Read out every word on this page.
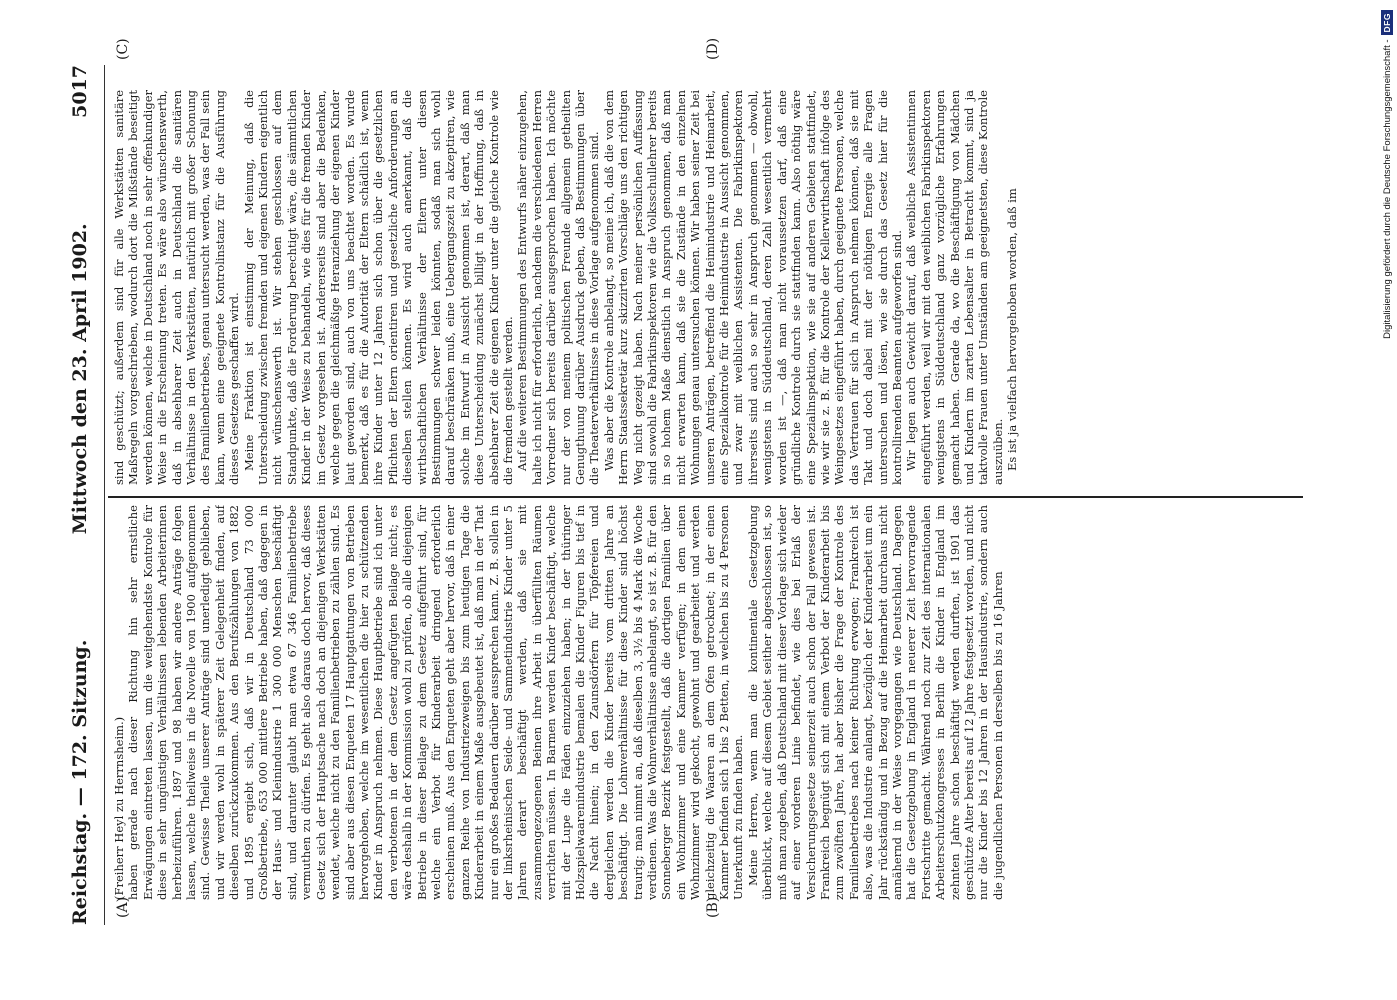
Reichstag. — 172. Sitzung.
Mittwoch den 23. April 1902.
5017
(A)	(B)
(C)	(D)

(Freiherr Heyl zu Herrnsheim.) haben gerade nach dieser Richtung hin sehr ernstliche Erwägungen eintreten lassen, um die weitgehendste Kontrole für diese in sehr ungünstigen Verhältnissen lebenden Arbeiterinnen herbeizuführen. 1897 und 98 haben wir andere Anträge folgen lassen, welche theilweise in die Novelle von 1900 aufgenommen sind. Gewisse Theile unserer Anträge sind unerledigt geblieben, und wir werden wohl in späterer Zeit Gelegenheit finden, auf dieselben zurückzukommen. Aus den Berufszählungen von 1882 und 1895 ergiebt sich, daß wir in Deutschland 73 000 Großbetriebe, 653 000 mittlere Betriebe haben, daß dagegen in der Haus- und Kleinindustrie 1 300 000 Menschen beschäftigt sind, und darunter glaubt man etwa 67 346 Familienbetriebe vermuthen zu dürfen. Es geht also daraus doch hervor, daß dieses Gesetz sich der Hauptsache nach doch an diejenigen Werkstätten wendet, welche nicht zu den Familienbetrieben zu zählen sind. Es sind aber aus diesen Enqueten 17 Hauptgattungen von Betrieben hervorgehoben, welche im wesentlichen die hier zu schützenden Kinder in Anspruch nehmen. Diese Hauptbetriebe sind ich unter den verbotenen in der dem Gesetz angefügten Beilage nicht; es wäre deshalb in der Kommission wohl zu prüfen, ob alle diejenigen Betriebe in dieser Beilage zu dem Gesetz aufgeführt sind, für welche ein Verbot für Kinderarbeit dringend erforderlich erscheinen muß. Aus den Enqueten geht aber hervor, daß in einer ganzen Reihe von Industriezweigen bis zum heutigen Tage die Kinderarbeit in einem Maße ausgebeutet ist, daß man in der That nur ein großes Bedauern darüber aussprechen kann. Z. B. sollen in der linksrheinischen Seide- und Sammetindustrie Kinder unter 5 Jahren derart beschäftigt werden, daß sie mit zusammengezogenen Beinen ihre Arbeit in überfüllten Räumen verrichten müssen. In Barmen werden Kinder beschäftigt, welche mit der Lupe die Fäden einzuziehen haben; in der thüringer Holzspielwaarenindustrie bemalen die Kinder Figuren bis tief in die Nacht hinein; in den Zaunsdörfern für Töpfereien und dergleichen werden die Kinder bereits vom dritten Jahre an beschäftigt. Die Lohnverhältnisse für diese Kinder sind höchst traurig; man nimmt an, daß dieselben 3, 3½ bis 4 Mark die Woche verdienen. Was die Wohnverhältnisse anbelangt, so ist z. B. für den Sonneberger Bezirk festgestellt, daß die dortigen Familien über ein Wohnzimmer und eine Kammer verfügen; in dem einen Wohnzimmer wird gekocht, gewohnt und gearbeitet und werden gleichzeitig die Waaren an dem Ofen getrocknet; in der einen Kammer befinden sich 1 bis 2 Betten, in welchen bis zu 4 Personen Unterkunft zu finden haben. Meine Herren, wenn man die kontinentale Gesetzgebung überblickt, welche auf diesem Gebiet seither abgeschlossen ist, so muß man zugeben, daß Deutschland mit dieser Vorlage sich wieder auf einer vorderen Linie befindet, wie dies bei Erlaß der Versicherungsgesetze seinerzeit auch schon der Fall gewesen ist. Frankreich begnügt sich mit einem Verbot der Kinderarbeit bis zum zwölften Jahre, hat aber bisher die Frage der Kontrole des Familienbetriebes nach keiner Richtung erwogen; Frankreich ist also, was die Industrie anlangt, bezüglich der Kinderarbeit um ein Jahr rückständig und in Bezug auf die Heimarbeit durchaus nicht annähernd in der Weise vorgegangen wie Deutschland. Dagegen hat die Gesetzgebung in England in neuerer Zeit hervorragende Fortschritte gemacht. Während noch zur Zeit des internationalen Arbeiterschutzkongresses in Berlin die Kinder in England im zehnten Jahre schon beschäftigt werden durften, ist 1901 das geschützte Alter bereits auf 12 Jahre festgesetzt worden, und nicht nur die Kinder bis 12 Jahren in der Hausindustrie, sondern auch die jugendlichen Personen in derselben bis zu 16 Jahren

sind geschützt; außerdem sind für alle Werkstätten sanitäre Maßregeln vorgeschrieben, wodurch dort die Mißstände beseitigt werden können, welche in Deutschland noch in sehr offenkundiger Weise in die Erscheinung treten. Es wäre also wünschenswerth, daß in absehbarer Zeit auch in Deutschland die sanitären Verhältnisse in den Werkstätten, natürlich mit großer Schonung des Familienbetriebes, genau untersucht werden, was der Fall sein kann, wenn eine geeignete Kontrolinstanz für die Ausführung dieses Gesetzes geschaffen wird. Meine Fraktion ist einstimmig der Meinung, daß die Unterscheidung zwischen fremden und eigenen Kindern eigentlich nicht wünschenswerth ist. Wir stehen geschlossen auf dem Standpunkte, daß die Forderung berechtigt wäre, die sämmtlichen Kinder in der Weise zu behandeln, wie dies für die fremden Kinder im Gesetz vorgesehen ist. Andererseits sind aber die Bedenken, welche gegen die gleichmäßige Heranziehung der eigenen Kinder laut geworden sind, auch von uns beachtet worden. Es wurde bemerkt, daß es für die Autorität der Eltern schädlich ist, wenn ihre Kinder unter 12 Jahren sich schon über die gesetzlichen Pflichten der Eltern orientiren und gesetzliche Anforderungen an dieselben stellen können. Es wird auch anerkannt, daß die wirthschaftlichen Verhältnisse der Eltern unter diesen Bestimmungen schwer leiden könnten, sodaß man sich wohl darauf beschränken muß, eine Uebergangszeit zu akzeptiren, wie solche im Entwurf in Aussicht genommen ist, derart, daß man diese Unterscheidung zunächst billigt in der Hoffnung, daß in absehbarer Zeit die eigenen Kinder unter die gleiche Kontrole wie die fremden gestellt werden. Auf die weiteren Bestimmungen des Entwurfs näher einzugehen, halte ich nicht für erforderlich, nachdem die verschiedenen Herren Vorredner sich bereits darüber ausgesprochen haben. Ich möchte nur der von meinem politischen Freunde allgemein getheilten Genugthuung darüber Ausdruck geben, daß Bestimmungen über die Theaterverhältnisse in diese Vorlage aufgenommen sind. Was aber die Kontrole anbelangt, so meine ich, daß die von dem Herrn Staatssekretär kurz skizzirten Vorschläge uns den richtigen Weg nicht gezeigt haben. Nach meiner persönlichen Auffassung sind sowohl die Fabrikinspektoren wie die Volksschullehrer bereits in so hohem Maße dienstlich in Anspruch genommen, daß man nicht erwarten kann, daß sie die Zustände in den einzelnen Wohnungen genau untersuchen können. Wir haben seiner Zeit bei unseren Anträgen, betreffend die Heimindustrie und Heimarbeit, eine Spezialkontrole für die Heimindustrie in Aussicht genommen, und zwar mit weiblichen Assistenten. Die Fabrikinspektoren ihrerseits sind auch so sehr in Anspruch genommen — obwohl, wenigstens in Süddeutschland, deren Zahl wesentlich vermehrt worden ist —, daß man nicht voraussetzen darf, daß eine gründliche Kontrole durch sie stattfinden kann. Also nöthig wäre eine Spezialinspektion, wie sie auf anderen Gebieten stattfindet, wie wir sie z. B. für die Kontrole der Kellerwirthschaft infolge des Weingesetzes eingeführt haben, durch geeignete Personen, welche das Vertrauen für sich in Anspruch nehmen können, daß sie mit Takt und doch dabei mit der nöthigen Energie alle Fragen untersuchen und lösen, wie sie durch das Gesetz hier für die kontrollirenden Beamten aufgeworfen sind. Wir legen auch Gewicht darauf, daß weibliche Assistentinnen eingeführt werden, weil wir mit den weiblichen Fabrikinspektoren wenigstens in Süddeutschland ganz vorzügliche Erfahrungen gemacht haben. Gerade da, wo die Beschäftigung von Mädchen und Kindern im zarten Lebensalter in Betracht kommt, sind ja taktvolle Frauen unter Umständen am geeignetsten, diese Kontrole auszuüben. Es ist ja vielfach hervorgehoben worden, daß im	Digitalisierung gefördert durch die Deutsche Forschungsgemeinschaft -
DFG
